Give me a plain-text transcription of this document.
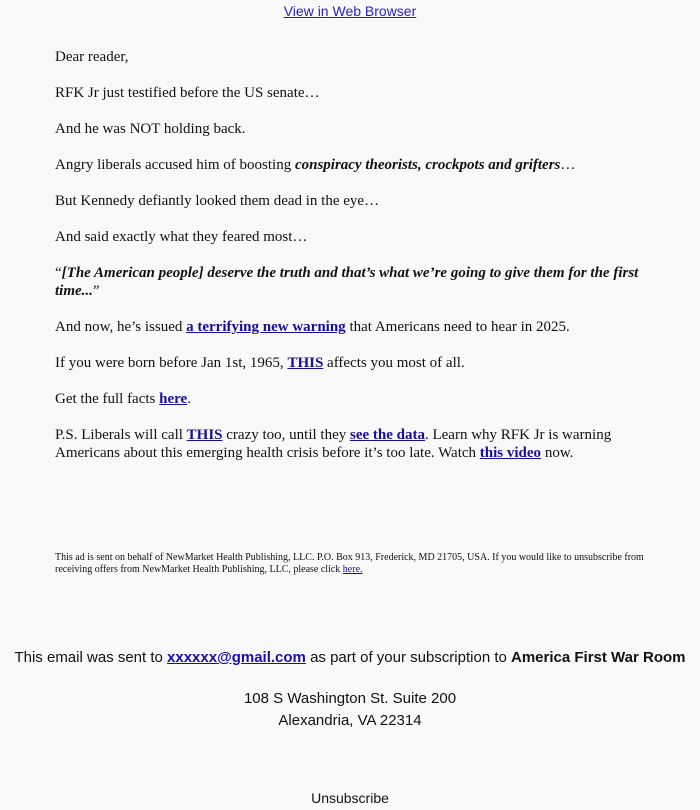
View in Web Browser

Dear reader,

RFK Jr just testified before the US senate…

And he was NOT holding back.

Angry liberals accused him of boosting conspiracy theorists, crockpots and grifters…

But Kennedy defiantly looked them dead in the eye…

And said exactly what they feared most…

“[The American people] deserve the truth and that’s what we’re going to give them for the first time...”

And now, he’s issued a terrifying new warning that Americans need to hear in 2025.

If you were born before Jan 1st, 1965, THIS affects you most of all.

Get the full facts here.

P.S. Liberals will call THIS crazy too, until they see the data. Learn why RFK Jr is warning Americans about this emerging health crisis before it’s too late. Watch this video now.

This ad is sent on behalf of NewMarket Health Publishing, LLC. P.O. Box 913, Frederick, MD 21705, USA. If you would like to unsubscribe from receiving offers from NewMarket Health Publishing, LLC, please click here.
This email was sent to xxxxxx@gmail.com as part of your subscription to America First War Room
108 S Washington St. Suite 200
Alexandria, VA 22314
Unsubscribe
